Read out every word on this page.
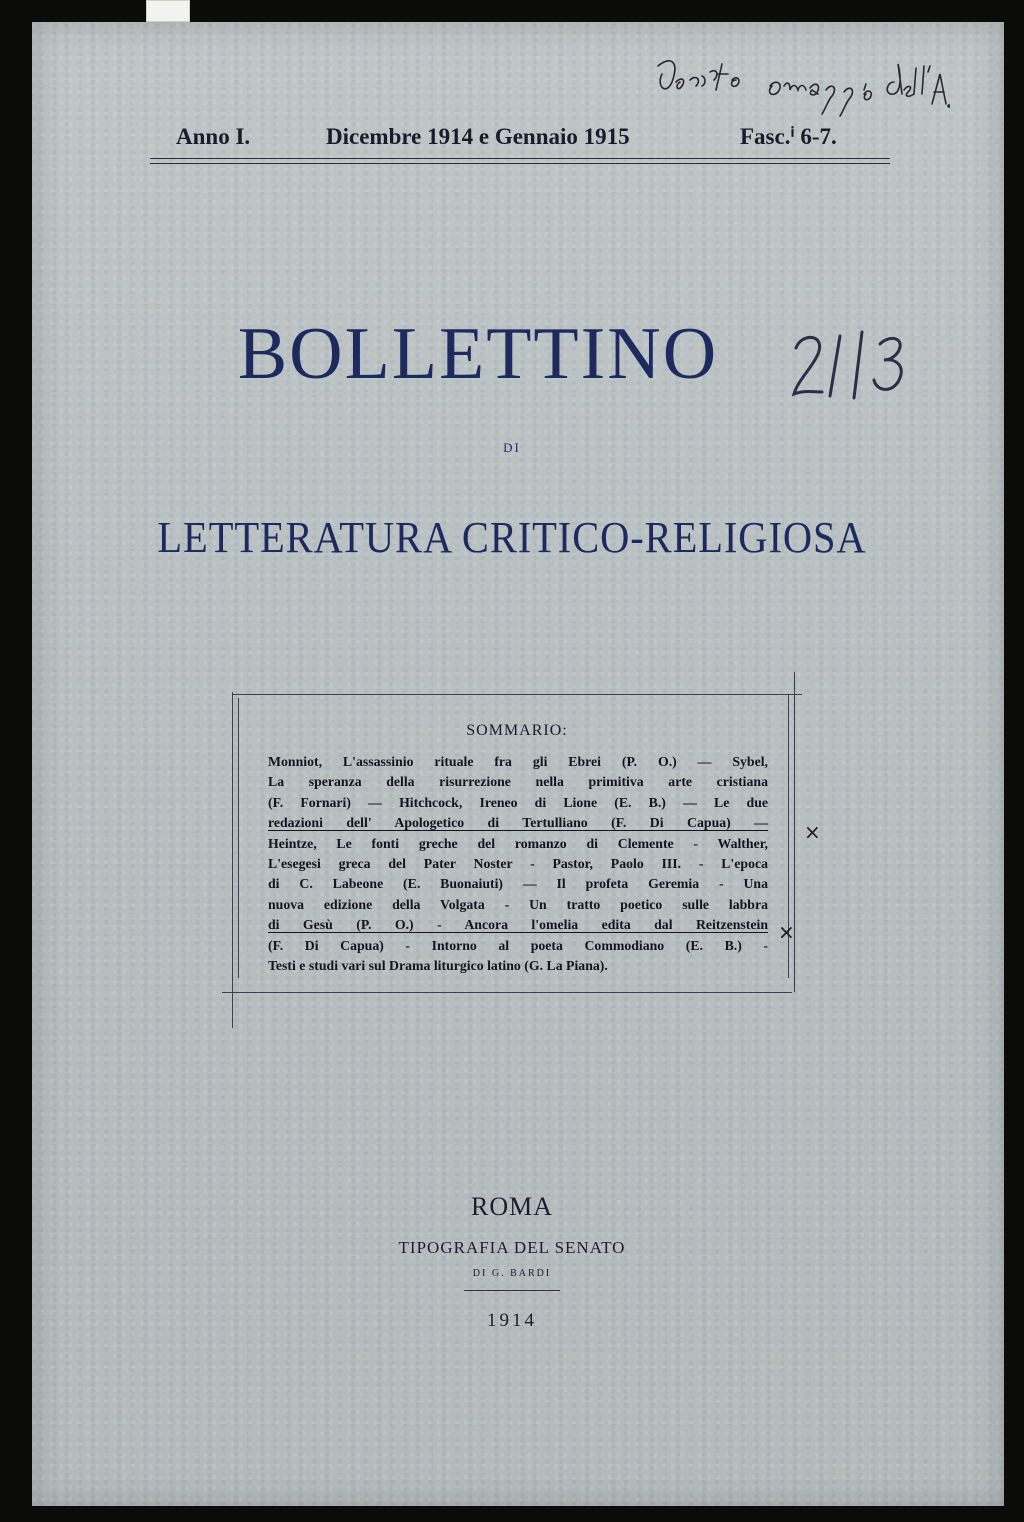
Anno I.	Dicembre 1914 e Gennaio 1915	Fasc.ⁱ 6-7.
BOLLETTINO
DI
LETTERATURA CRITICO-RELIGIOSA
SOMMARIO:
Monniot, L'assassinio rituale fra gli Ebrei (P. O.) — Sybel,
La speranza della risurrezione nella primitiva arte cristiana
(F. Fornari) — Hitchcock, Ireneo di Lione (E. B.) — Le due
redazioni dell' Apologetico di Tertulliano (F. Di Capua) —
Heintze, Le fonti greche del romanzo di Clemente - Walther,
L'esegesi greca del Pater Noster - Pastor, Paolo III. - L'epoca
di C. Labeone (E. Buonaiuti) — Il profeta Geremia - Una
nuova edizione della Volgata - Un tratto poetico sulle labbra
di Gesù (P. O.) - Ancora l'omelia edita dal Reitzenstein
(F. Di Capua) - Intorno al poeta Commodiano (E. B.) -
Testi e studi vari sul Drama liturgico latino (G. La Piana).
×
×
ROMA
TIPOGRAFIA DEL SENATO
DI G. BARDI
1914
